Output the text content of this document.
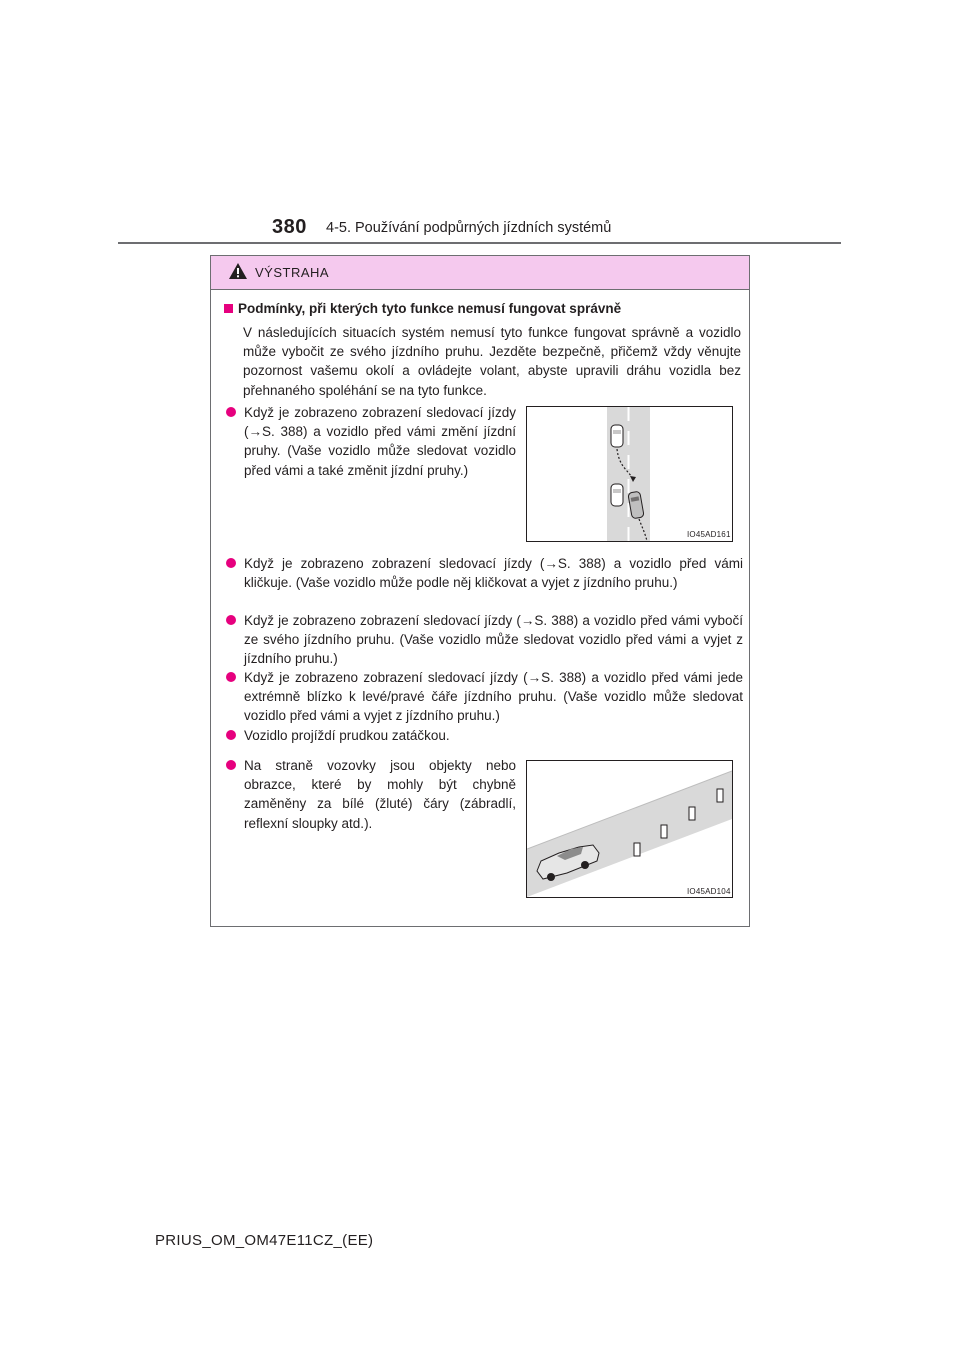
380 4-5. Používání podpůrných jízdních systémů
VÝSTRAHA
Podmínky, při kterých tyto funkce nemusí fungovat správně
V následujících situacích systém nemusí tyto funkce fungovat správně a vozidlo může vybočit ze svého jízdního pruhu. Jezděte bezpečně, přičemž vždy věnujte pozornost vašemu okolí a ovládejte volant, abyste upravili dráhu vozidla bez přehnaného spoléhání se na tyto funkce.
Když je zobrazeno zobrazení sledovací jízdy (→S. 388) a vozidlo před vámi změní jízdní pruhy. (Vaše vozidlo může sledovat vozidlo před vámi a také změnit jízdní pruhy.)
IO45AD161
Když je zobrazeno zobrazení sledovací jízdy (→S. 388) a vozidlo před vámi kličkuje. (Vaše vozidlo může podle něj kličkovat a vyjet z jízdního pruhu.)
Když je zobrazeno zobrazení sledovací jízdy (→S. 388) a vozidlo před vámi vybočí ze svého jízdního pruhu. (Vaše vozidlo může sledovat vozidlo před vámi a vyjet z jízdního pruhu.)
Když je zobrazeno zobrazení sledovací jízdy (→S. 388) a vozidlo před vámi jede extrémně blízko k levé/pravé čáře jízdního pruhu. (Vaše vozidlo může sledovat vozidlo před vámi a vyjet z jízdního pruhu.)
Vozidlo projíždí prudkou zatáčkou.
Na straně vozovky jsou objekty nebo obrazce, které by mohly být chybně zaměněny za bílé (žluté) čáry (zábradlí, reflexní sloupky atd.).
IO45AD104
PRIUS_OM_OM47E11CZ_(EE)
